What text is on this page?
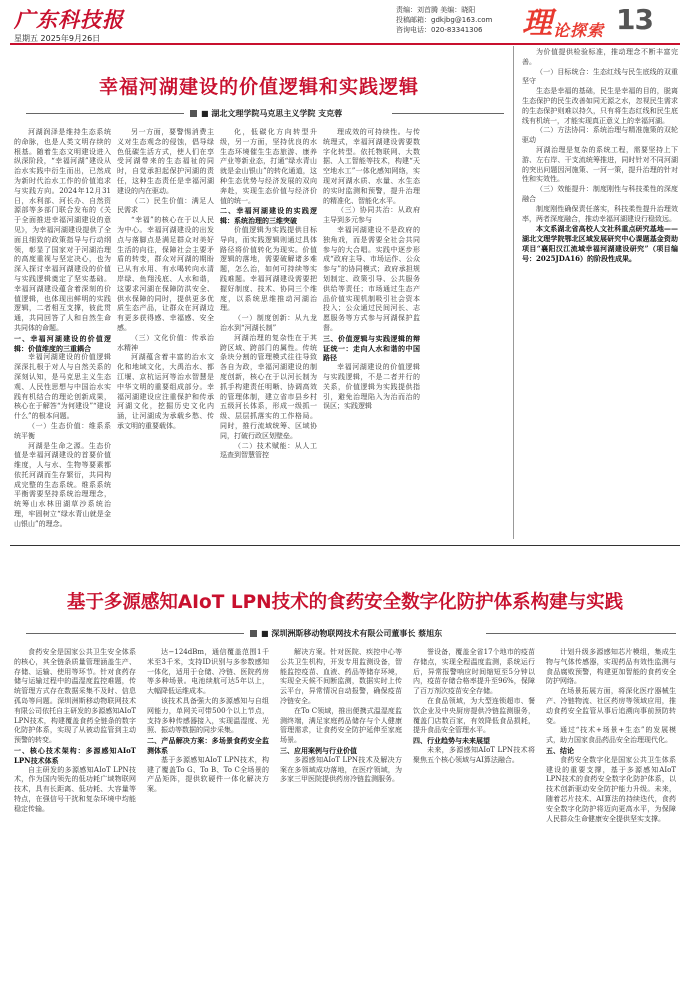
广东科技报
星期五 2025年9月26日
责编：刘首腾 美编：晓阳
投稿邮箱：gdkjbg@163.com
咨询电话：020-83341306	理 论探索 13
幸福河湖建设的价值逻辑和实践逻辑
■ 湖北文理学院马克思主义学院 支克蓉

河湖润泽是维持生态系统的命脉，也是人类文明存续的根基。随着生态文明建设进入纵深阶段，“幸福河湖”建设从治水实践中衍生而出，已然成为新时代治水工作的价值追求与实践方向。2024年12月31日，水利部、河长办、自然资源部等多部门联合发布的《关于全面推进幸福河湖建设的意见》，为幸福河湖建设提供了全面且细致的政策指导与行动纲领，彰显了国家对于河湖治理的高度重视与坚定决心，也为深入探讨幸福河湖建设的价值与实践逻辑奠定了坚实基础。幸福河湖建设蕴含着深刻的价值逻辑，也体现出鲜明的实践逻辑，二者相互支撑，彼此贯通，共同回答了人和自然生命共同体的命题。

一、幸福河湖建设的价值逻辑：价值维度的三重耦合

幸福河湖建设的价值逻辑深深扎根于对人与自然关系的深刻认知，是马克思主义生态观、人民性思想与中国治水实践有机结合的理论创新成果，核心在于解答“为何建设”“建设什么”的根本问题。

（一）生态价值：维系系统平衡

河湖是生命之源。生态价值是幸福河湖建设的首要价值维度，人与水、生物等要素都依托河湖而生存繁衍，共同构成完整的生态系统。维系系统平衡需要坚持系统治理理念，统筹山水林田湖草沙系统治理，牢固树立“绿水青山就是金山银山”的理念。

另一方面，要警惕消费主义对生态观念的侵蚀，倡导绿色低碳生活方式，使人们在享受河湖带来的生态福祉的同时，自觉承担起保护河湖的责任，这种生态责任是幸福河湖建设的内在驱动。

（二）民生价值：满足人民需求

“幸福”的核心在于以人民为中心。幸福河湖建设的出发点与落脚点是满足群众对美好生活的向往，保障社会主要矛盾的转变，群众对河湖的期盼已从有水用、有水喝转向水清岸绿、鱼翔浅底、人水和谐，这要求河湖在保障防洪安全、供水保障的同时，提供更多优质生态产品，让群众在河湖边有更多获得感、幸福感、安全感。

（三）文化价值：传承治水精神

河湖蕴含着丰富的治水文化和地域文化，大禹治水、都江堰、京杭运河等治水智慧是中华文明的重要组成部分。幸福河湖建设应注重保护和传承河湖文化，挖掘历史文化内涵，让河湖成为承载乡愁、传承文明的重要载体。

化，低碳化方向转型升级，另一方面，坚持优良的水生态环境催生生态旅游、康养产业等新业态，打通“绿水青山就是金山银山”的转化通道，这种生态优势与经济发展的双向奔赴，实现生态价值与经济价值的统一。

二、幸福河湖建设的实践逻辑：系统治理的三维突破

价值逻辑为实践提供目标导向，而实践逻辑则通过具体路径将价值转化为现实。价值逻辑的落地，需要破解诸多难题，怎么治，如何可持续等实践难题。幸福河湖建设需要把握好制度、技术、协同三个维度，以系统思维推动河湖治理。

（一）制度创新：从九龙治水到“河湖长制”

河湖治理的复杂性在于其跨区域、跨部门的属性。传统条块分割的管理模式往往导致各自为政，幸福河湖建设的制度创新，核心在于以河长制为抓手构建责任明晰、协调高效的管理体制，建立省市县乡村五级河长体系，形成一级抓一级、层层抓落实的工作格局。同时，推行流域统筹、区域协同，打破行政区划壁垒。

（二）技术赋能：从人工巡查到智慧管控

理成效的可持续性。与传统理式，幸福河湖建设需要数字化转型。依托物联网、大数据、人工智能等技术，构建“天空地水工”一体化感知网络，实现对河湖水质、水量、水生态的实时监测和预警，提升治理的精准化、智能化水平。

（三）协同共治：从政府主导到多元参与

幸福河湖建设不是政府的独角戏，而是需要全社会共同参与的大合唱。实践中逐步形成“政府主导、市场运作、公众参与”的协同模式；政府承担规划制定、政策引导、公共服务供给等责任；市场通过生态产品价值实现机制吸引社会资本投入；公众通过民间河长、志愿服务等方式参与河湖保护监督。

三、价值逻辑与实践逻辑的辩证统一：走向人水和谐的中国路径

幸福河湖建设的价值逻辑与实践逻辑，不是二者并行的关系，价值逻辑为实践提供指引，避免治理陷入为治而治的误区；实践逻辑

为价值提供检验标准，推动理念不断丰富完善。

（一）目标统合：生态红线与民生底线的双重坚守

生态是幸福的基础，民生是幸福的目的，脱离生态保护的民生改善如同无源之水，忽视民生需求的生态保护则难以持久，只有将生态红线和民生底线有机统一，才能实现真正意义上的幸福河湖。

（二）方法协同：系统治理与精准施策的双轮驱动

河湖治理是复杂的系统工程，需要坚持上下游、左右岸、干支流统筹推进，同时针对不同河湖的突出问题因河施策、一河一策，提升治理的针对性和实效性。

（三）效能提升：制度刚性与科技柔性的深度融合

制度刚性确保责任落实，科技柔性提升治理效率，两者深度融合，推动幸福河湖建设行稳致远。

本文系湖北省高校人文社科重点研究基地——湖北文理学院鄂北区域发展研究中心课题基金资助项目“襄阳汉江流域幸福河湖建设研究”（项目编号：2025JDA16）的阶段性成果。

基于多源感知AIoT LPN技术的食药安全数字化防护体系构建与实践
■ 深圳洲斯移动物联网技术有限公司董事长 蔡旭东

食药安全是国家公共卫生安全体系的核心，其全链条质量管理涵盖生产、存储、运输、使用等环节。针对食药存储与运输过程中的温湿度监控难题，传统管理方式存在数据采集不及时、信息孤岛等问题。深圳洲斯移动物联网技术有限公司依托自主研发的多源感知AIoT LPN技术，构建覆盖食药全链条的数字化防护体系，实现了从被动监管到主动预警的转变。

一、核心技术架构：多源感知AIoT LPN技术体系

自主研发的多源感知AIoT LPN技术，作为国内领先的低功耗广域物联网技术，具有长距离、低功耗、大容量等特点，在强信号干扰和复杂环境中均能稳定传输。

达−124dBm，通信覆盖范围1千米至3千米，支持ID识别与多参数感知一体化，适用于仓储、冷链、医院药房等多种场景。电池续航可达5年以上，大幅降低运维成本。

该技术具备强大的多源感知与自组网能力，单网关可带500个以上节点，支持多种传感器接入，实现温湿度、光照、振动等数据的同步采集。

二、产品解决方案：多场景食药安全监测体系

基于多源感知AIoT LPN技术，构建了覆盖To G、To B、To C全场景的产品矩阵，提供软硬件一体化解决方案。

解决方案。针对医院、疾控中心等公共卫生机构，开发专用监测设备，智能监控疫苗、血液、药品等储存环境，实现全天候不间断监测，数据实时上传云平台，异常情况自动报警，确保疫苗冷链安全。

在To C领域，推出便携式温湿度监测终端，满足家庭药品储存与个人健康管理需求，让食药安全防护延伸至家庭场景。

三、应用案例与行业价值

多源感知AIoT LPN技术及解决方案在多领域成功落地，在医疗领域，为多家三甲医院提供药房冷链监测服务。

誉设备，覆盖全省17个地市的疫苗存储点，实现全程温度监测，系统运行后，异常报警响应时间缩短至5分钟以内，疫苗存储合格率提升至96%，保障了百万剂次疫苗安全存储。

在食品领域，为大型连锁超市、餐饮企业及中央厨房提供冷链监测服务，覆盖门店数百家，有效降低食品损耗，提升食品安全管理水平。

四、行业趋势与未来展望

未来，多源感知AIoT LPN技术将聚焦五个核心领域与AI算法融合。

计划升级多源感知芯片模组，集成生物与气体传感器，实现药品有效性监测与食品腐败预警，构建更加智能的食药安全防护网络。

在场景拓展方面，将深化医疗器械生产、冷链物流、社区药房等领域应用，推动食药安全监管从事后追溯向事前预防转变。

通过“技术+场景+生态”的发展模式，助力国家食品药品安全治理现代化。

五、结论

食药安全数字化是国家公共卫生体系建设的重要支撑，基于多源感知AIoT LPN技术的食药安全数字化防护体系，以技术创新驱动安全防护能力升级。未来，随着芯片技术、AI算法的持续迭代，食药安全数字化防护将迈向更高水平，为保障人民群众生命健康安全提供坚实支撑。
